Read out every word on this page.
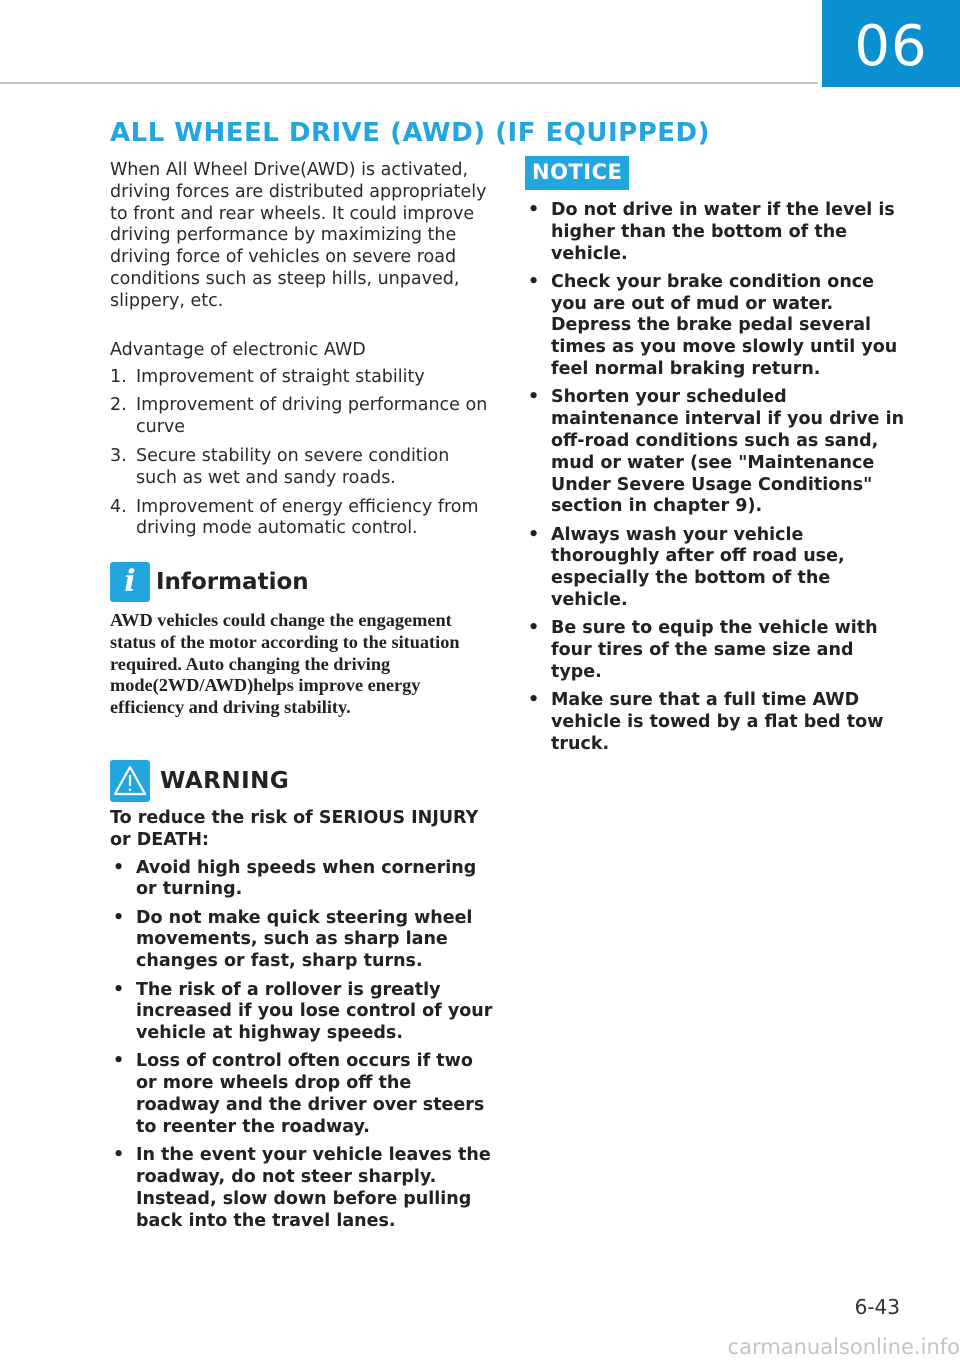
06
ALL WHEEL DRIVE (AWD) (IF EQUIPPED)

When All Wheel Drive(AWD) is activated, driving forces are distributed appropriately to front and rear wheels. It could improve driving performance by maximizing the driving force of vehicles on severe road conditions such as steep hills, unpaved, slippery, etc.

Advantage of electronic AWD
1. Improvement of straight stability
2. Improvement of driving performance on curve
3. Secure stability on severe condition such as wet and sandy roads.
4. Improvement of energy efficiency from driving mode automatic control.
i Information
AWD vehicles could change the engagement status of the motor according to the situation required. Auto changing the driving mode(2WD/AWD)helps improve energy efficiency and driving stability.
WARNING
To reduce the risk of SERIOUS INJURY or DEATH:
• Avoid high speeds when cornering or turning.
• Do not make quick steering wheel movements, such as sharp lane changes or fast, sharp turns.
• The risk of a rollover is greatly increased if you lose control of your vehicle at highway speeds.
• Loss of control often occurs if two or more wheels drop off the roadway and the driver over steers to reenter the roadway.
• In the event your vehicle leaves the roadway, do not steer sharply. Instead, slow down before pulling back into the travel lanes.
NOTICE
• Do not drive in water if the level is higher than the bottom of the vehicle.
• Check your brake condition once you are out of mud or water. Depress the brake pedal several times as you move slowly until you feel normal braking return.
• Shorten your scheduled maintenance interval if you drive in off-road conditions such as sand, mud or water (see "Maintenance Under Severe Usage Conditions" section in chapter 9).
• Always wash your vehicle thoroughly after off road use, especially the bottom of the vehicle.
• Be sure to equip the vehicle with four tires of the same size and type.
• Make sure that a full time AWD vehicle is towed by a flat bed tow truck.
6-43
carmanualsonline.info
